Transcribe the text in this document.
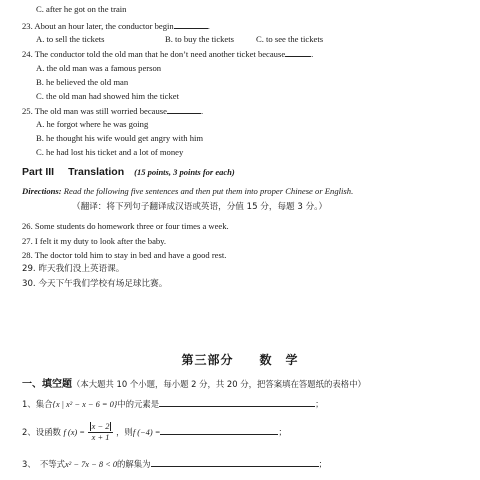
C. after he got on the train
23. About an hour later, the conductor begin	.
A. to sell the tickets	B. to buy the tickets	C. to see the tickets
24. The conductor told the old man that he don’t need another ticket because	.
A. the old man was a famous person
B. he believed the old man
C. the old man had showed him the ticket
25. The old man was still worried because	.
A. he forgot where he was going
B. he thought his wife would get angry with him
C. he had lost his ticket and a lot of money
Part III Translation (15 points, 3 points for each)
Directions: Read the following five sentences and then put them into proper Chinese or English.
（翻译：将下列句子翻译成汉语或英语，分值 15 分，每题 3 分。）
26. Some students do homework three or four times a week.
27. I felt it my duty to look after the baby.
28. The doctor told him to stay in bed and have a good rest.
29. 昨天我们没上英语课。
30. 今天下午我们学校有场足球比赛。
第三部分　　数　学
一、填空题（本大题共 10 个小题，每小题 2 分，共 20 分，把答案填在答题纸的表格中）
1、集合{x | x² − x − 6 = 0}中的元素是	；
2、设函数 f $(x) = \frac{x - 2}{x + 1}$ ，则f (−4) =	；
3、　不等式x² − 7x − 8 < 0的解集为	；
